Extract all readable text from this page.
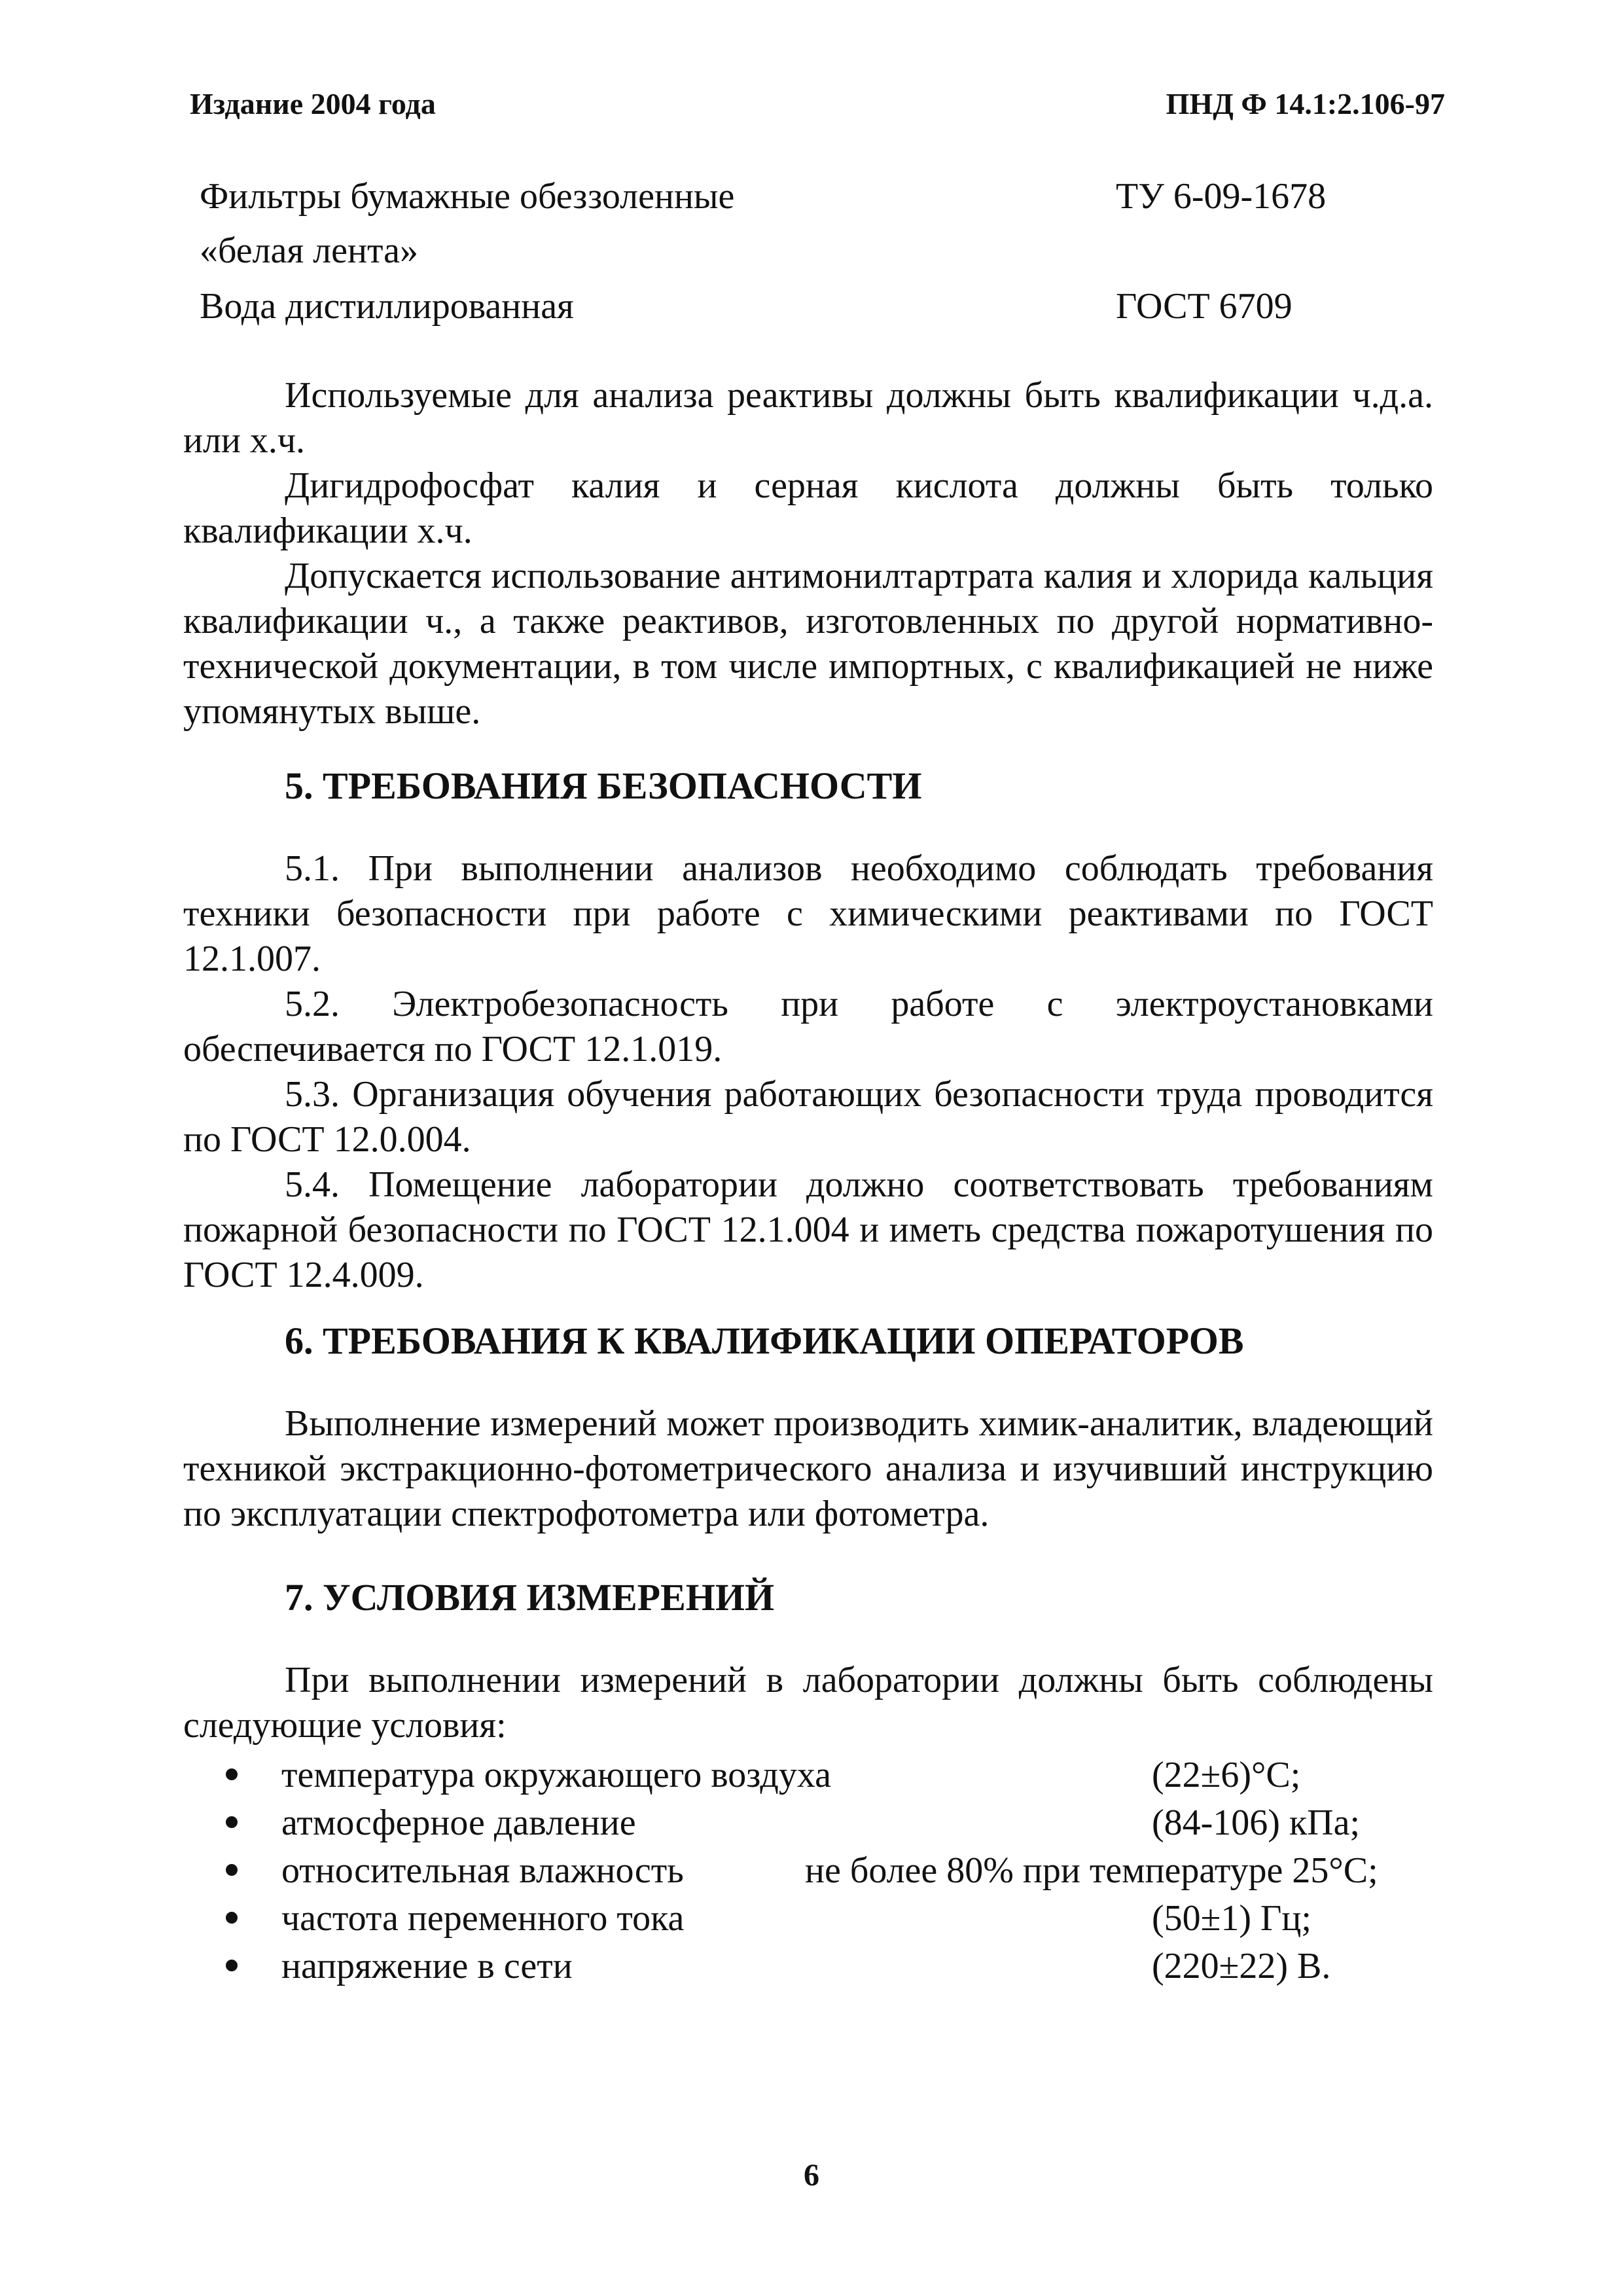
Издание 2004 года	ПНД Ф 14.1:2.106-97
Фильтры бумажные обеззоленные	ТУ 6-09-1678
«белая лента»
Вода дистиллированная	ГОСТ 6709

Используемые для анализа реактивы должны быть квалификации ч.д.а. или х.ч.

Дигидрофосфат калия и серная кислота должны быть только квалификации х.ч.

Допускается использование антимонилтартрата калия и хлорида кальция квалификации ч., а также реактивов, изготовленных по другой нормативно-технической документации, в том числе импортных, с квалификацией не ниже упомянутых выше.

5. ТРЕБОВАНИЯ БЕЗОПАСНОСТИ

5.1. При выполнении анализов необходимо соблюдать требования техники безопасности при работе с химическими реактивами по ГОСТ 12.1.007.

5.2. Электробезопасность при работе с электроустановками обеспечивается по ГОСТ 12.1.019.

5.3. Организация обучения работающих безопасности труда проводится по ГОСТ 12.0.004.

5.4. Помещение лаборатории должно соответствовать требованиям пожарной безопасности по ГОСТ 12.1.004 и иметь средства пожаротушения по ГОСТ 12.4.009.

6. ТРЕБОВАНИЯ К КВАЛИФИКАЦИИ ОПЕРАТОРОВ

Выполнение измерений может производить химик-аналитик, владеющий техникой экстракционно-фотометрического анализа и изучивший инструкцию по эксплуатации спектрофотометра или фотометра.

7. УСЛОВИЯ ИЗМЕРЕНИЙ

При выполнении измерений в лаборатории должны быть соблюдены следующие условия:

температура окружающего воздуха	(22±6)°С;
атмосферное давление	(84-106) кПа;
относительная влажность	не более 80% при температуре 25°С;
частота переменного тока	(50±1) Гц;
напряжение в сети	(220±22) В.
6
